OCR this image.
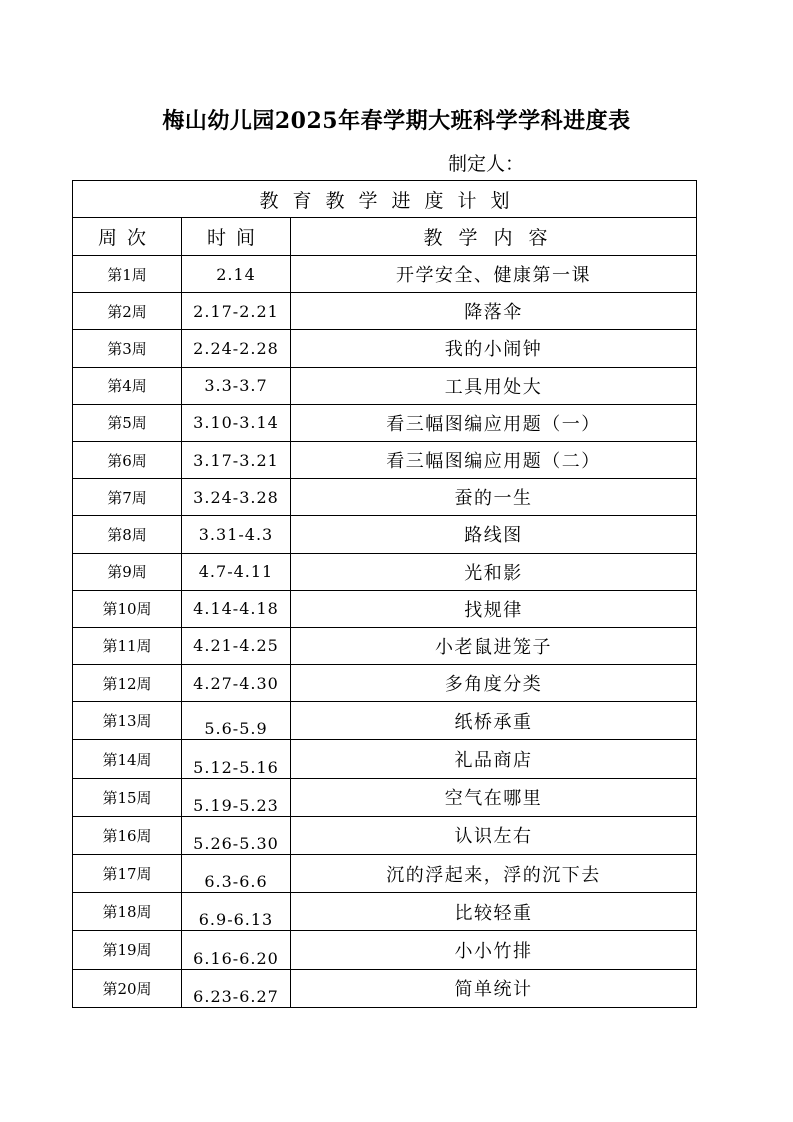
梅山幼儿园2025年春学期大班科学学科进度表
制定人：
教育教学进度计划		
周次	时间	教学内容
第1周	2.14	开学安全、健康第一课
第2周	2.17-2.21	降落伞
第3周	2.24-2.28	我的小闹钟
第4周	3.3-3.7	工具用处大
第5周	3.10-3.14	看三幅图编应用题（一）
第6周	3.17-3.21	看三幅图编应用题（二）
第7周	3.24-3.28	蚕的一生
第8周	3.31-4.3	路线图
第9周	4.7-4.11	光和影
第10周	4.14-4.18	找规律
第11周	4.21-4.25	小老鼠进笼子
第12周	4.27-4.30	多角度分类
第13周	5.6-5.9	纸桥承重
第14周	5.12-5.16	礼品商店
第15周	5.19-5.23	空气在哪里
第16周	5.26-5.30	认识左右
第17周	6.3-6.6	沉的浮起来，浮的沉下去
第18周	6.9-6.13	比较轻重
第19周	6.16-6.20	小小竹排
第20周	6.23-6.27	简单统计
